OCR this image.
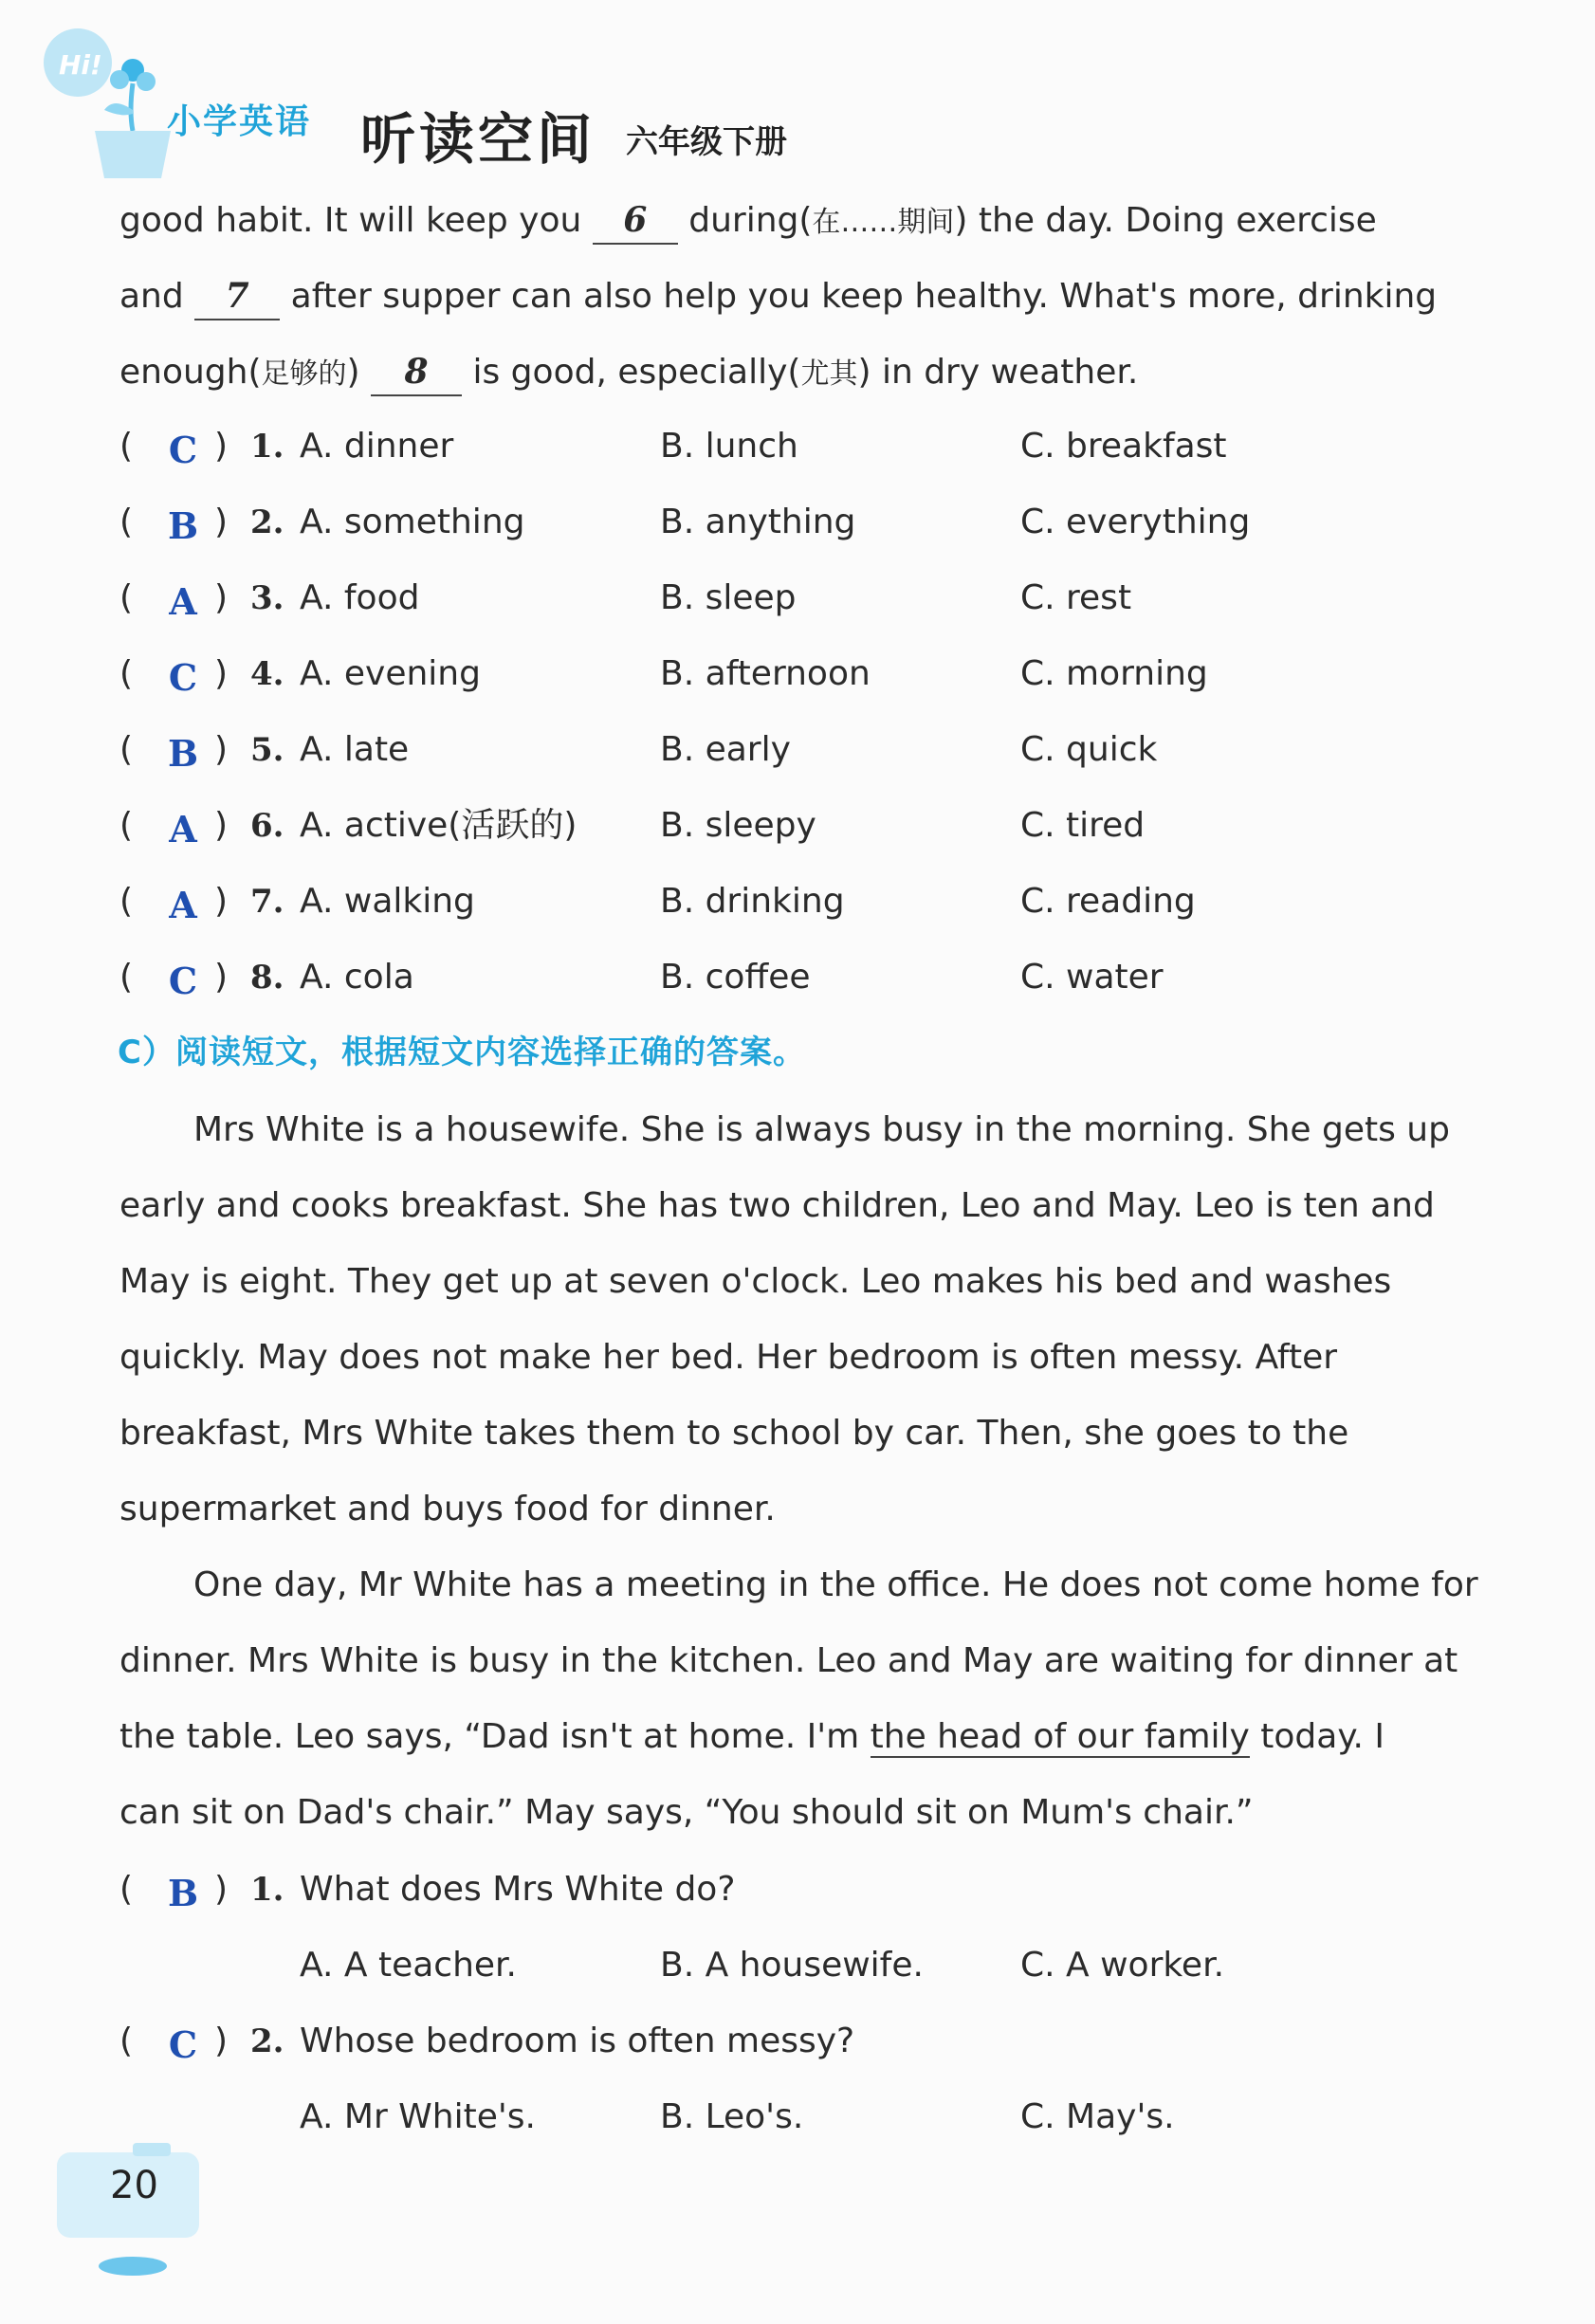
Hi!
小学英语 听读空间 六年级下册
good habit. It will keep you 6 during(在……期间) the day. Doing exercise
and 7 after supper can also help you keep healthy. What's more, drinking
enough(足够的) 8 is good, especially(尤其) in dry weather.
( C ) 1. A. dinner	B. lunch	C. breakfast
( B ) 2. A. something	B. anything	C. everything
( A ) 3. A. food	B. sleep	C. rest
( C ) 4. A. evening	B. afternoon	C. morning
( B ) 5. A. late	B. early	C. quick
( A ) 6. A. active(活跃的) B. sleepy	C. tired
( A ) 7. A. walking	B. drinking	C. reading
( C ) 8. A. cola	B. coffee	C. water
C）阅读短文，根据短文内容选择正确的答案。
Mrs White is a housewife. She is always busy in the morning. She gets up
early and cooks breakfast. She has two children, Leo and May. Leo is ten and
May is eight. They get up at seven o'clock. Leo makes his bed and washes
quickly. May does not make her bed. Her bedroom is often messy. After
breakfast, Mrs White takes them to school by car. Then, she goes to the
supermarket and buys food for dinner.
One day, Mr White has a meeting in the office. He does not come home for
dinner. Mrs White is busy in the kitchen. Leo and May are waiting for dinner at
the table. Leo says, “Dad isn't at home. I'm the head of our family today. I
can sit on Dad's chair.” May says, “You should sit on Mum's chair.”
( B ) 1. What does Mrs White do?
A. A teacher.	B. A housewife.	C. A worker.
( C ) 2. Whose bedroom is often messy?
A. Mr White's.	B. Leo's.	C. May's.
20
